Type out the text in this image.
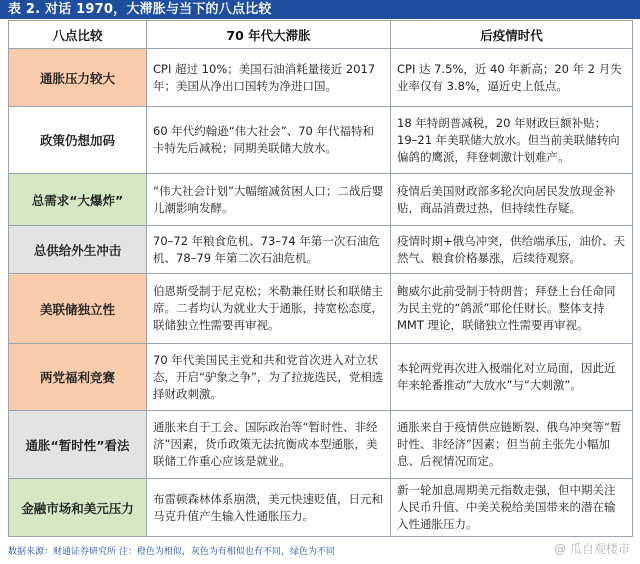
表 2. 对话 1970，大滞胀与当下的八点比较
八点比较	70 年代大滞胀	后疫情时代
通胀压力较大	CPI 超过 10%；美国石油消耗量接近 2017 年；美国从净出口国转为净进口国。	CPI 达 7.5%，近 40 年新高；20 年 2 月失业率仅有 3.8%，逼近史上低点。
政策仍想加码	60 年代约翰逊“伟大社会”、70 年代福特和卡特先后减税；同期美联储大放水。	18 年特朗普减税，20 年财政巨额补贴；19–21 年美联储大放水。但当前美联储转向偏鸽的鹰派，拜登刺激计划难产。
总需求“大爆炸”	“伟大社会计划”大幅缩减贫困人口；二战后婴儿潮影响发酵。	疫情后美国财政部多轮次向居民发放现金补贴，商品消费过热，但持续性存疑。
总供给外生冲击	70–72 年粮食危机、73–74 年第一次石油危机、78–79 年第二次石油危机。	疫情时期+俄乌冲突，供给端承压，油价、天然气、粮食价格暴涨，后续待观察。
美联储独立性	伯恩斯受制于尼克松；米勒兼任财长和联储主席。二者均认为就业大于通胀，持宽松态度，联储独立性需要再审视。	鲍威尔此前受制于特朗普；拜登上台任命同为民主党的“鸽派”耶伦任财长。整体支持 MMT 理论，联储独立性需要再审视。
两党福利竞赛	70 年代美国民主党和共和党首次进入对立状态，开启“驴象之争”，为了拉拢选民，党相选择财政刺激。	本轮两党再次进入极端化对立局面，因此近年来轮番推动“大放水”与“大刺激”。
通胀“暂时性”看法	通胀来自于工会、国际政治等“暂时性、非经济”因素，货币政策无法抗衡成本型通胀，美联储工作重心应该是就业。	通胀来自于疫情供应链断裂、俄乌冲突等“暂时性、非经济”因素；但当前主张先小幅加息、后视情况而定。
金融市场和美元压力	布雷顿森林体系崩溃，美元快速贬值，日元和马克升值产生输入性通胀压力。	新一轮加息周期美元指数走强，但中期关注人民币升值、中美关税给美国带来的潜在输入性通胀压力。
数据来源：财通证券研究所 注：橙色为相似，灰色为有相似也有不同，绿色为不同	@ 瓜自观楼市
